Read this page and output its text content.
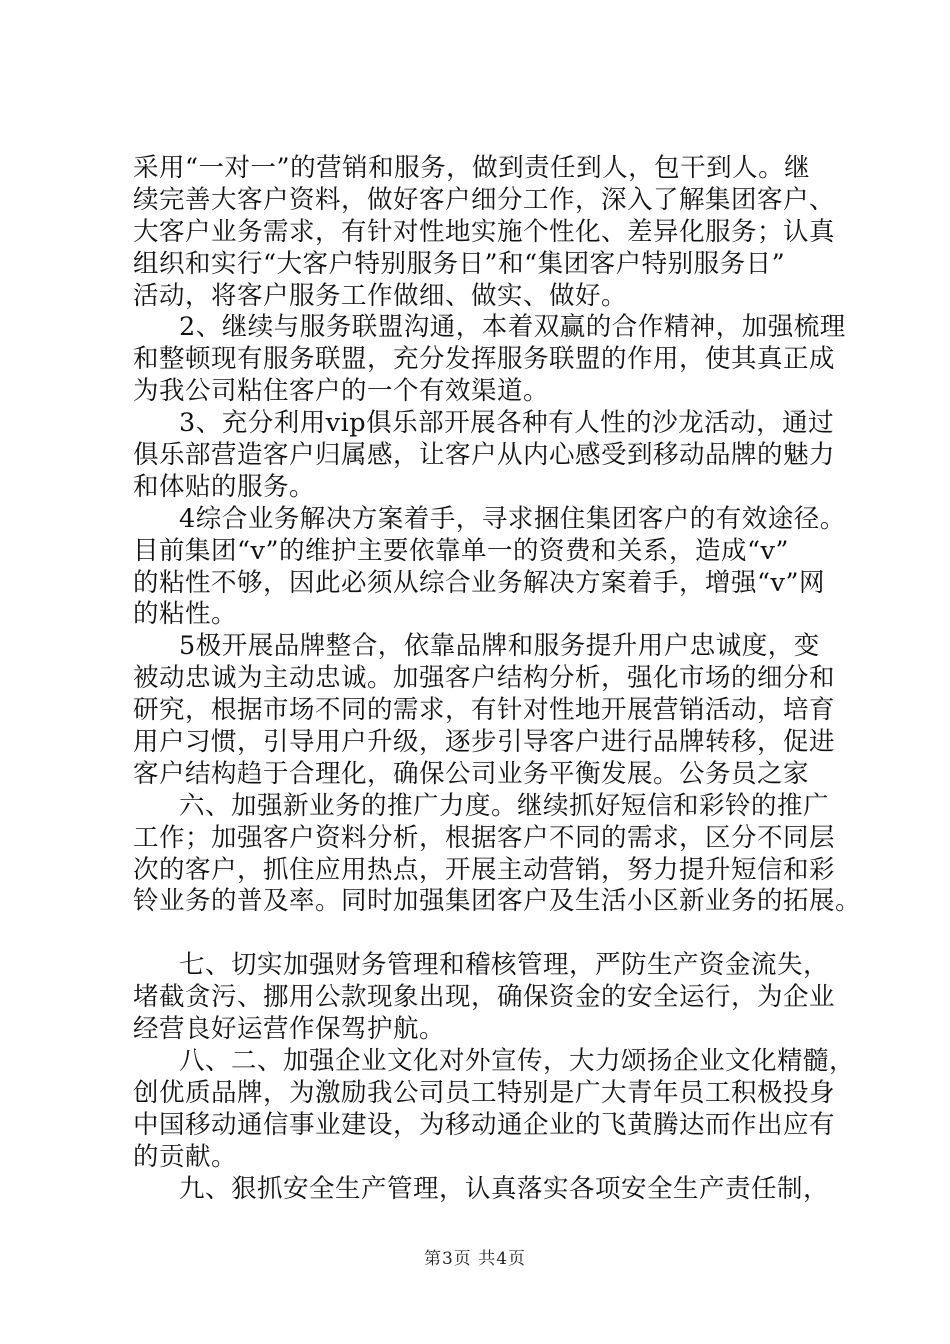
采用“一对一”的营销和服务，做到责任到人，包干到人。继
续完善大客户资料，做好客户细分工作，深入了解集团客户、
大客户业务需求，有针对性地实施个性化、差异化服务；认真
组织和实行“大客户特别服务日”和“集团客户特别服务日”
活动，将客户服务工作做细、做实、做好。
2、继续与服务联盟沟通，本着双赢的合作精神，加强梳理
和整顿现有服务联盟，充分发挥服务联盟的作用，使其真正成
为我公司粘住客户的一个有效渠道。
3、充分利用vip俱乐部开展各种有人性的沙龙活动，通过
俱乐部营造客户归属感，让客户从内心感受到移动品牌的魅力
和体贴的服务。
4综合业务解决方案着手，寻求捆住集团客户的有效途径。
目前集团“v”的维护主要依靠单一的资费和关系，造成“v”
的粘性不够，因此必须从综合业务解决方案着手，增强“v”网
的粘性。
5极开展品牌整合，依靠品牌和服务提升用户忠诚度，变
被动忠诚为主动忠诚。加强客户结构分析，强化市场的细分和
研究，根据市场不同的需求，有针对性地开展营销活动，培育
用户习惯，引导用户升级，逐步引导客户进行品牌转移，促进
客户结构趋于合理化，确保公司业务平衡发展。公务员之家
六、加强新业务的推广力度。继续抓好短信和彩铃的推广
工作；加强客户资料分析，根据客户不同的需求，区分不同层
次的客户，抓住应用热点，开展主动营销，努力提升短信和彩
铃业务的普及率。同时加强集团客户及生活小区新业务的拓展。
七、切实加强财务管理和稽核管理，严防生产资金流失，
堵截贪污、挪用公款现象出现，确保资金的安全运行，为企业
经营良好运营作保驾护航。
八、二、加强企业文化对外宣传，大力颂扬企业文化精髓，
创优质品牌，为激励我公司员工特别是广大青年员工积极投身
中国移动通信事业建设，为移动通企业的飞黄腾达而作出应有
的贡献。
九、狠抓安全生产管理，认真落实各项安全生产责任制，
第3页 共4页
